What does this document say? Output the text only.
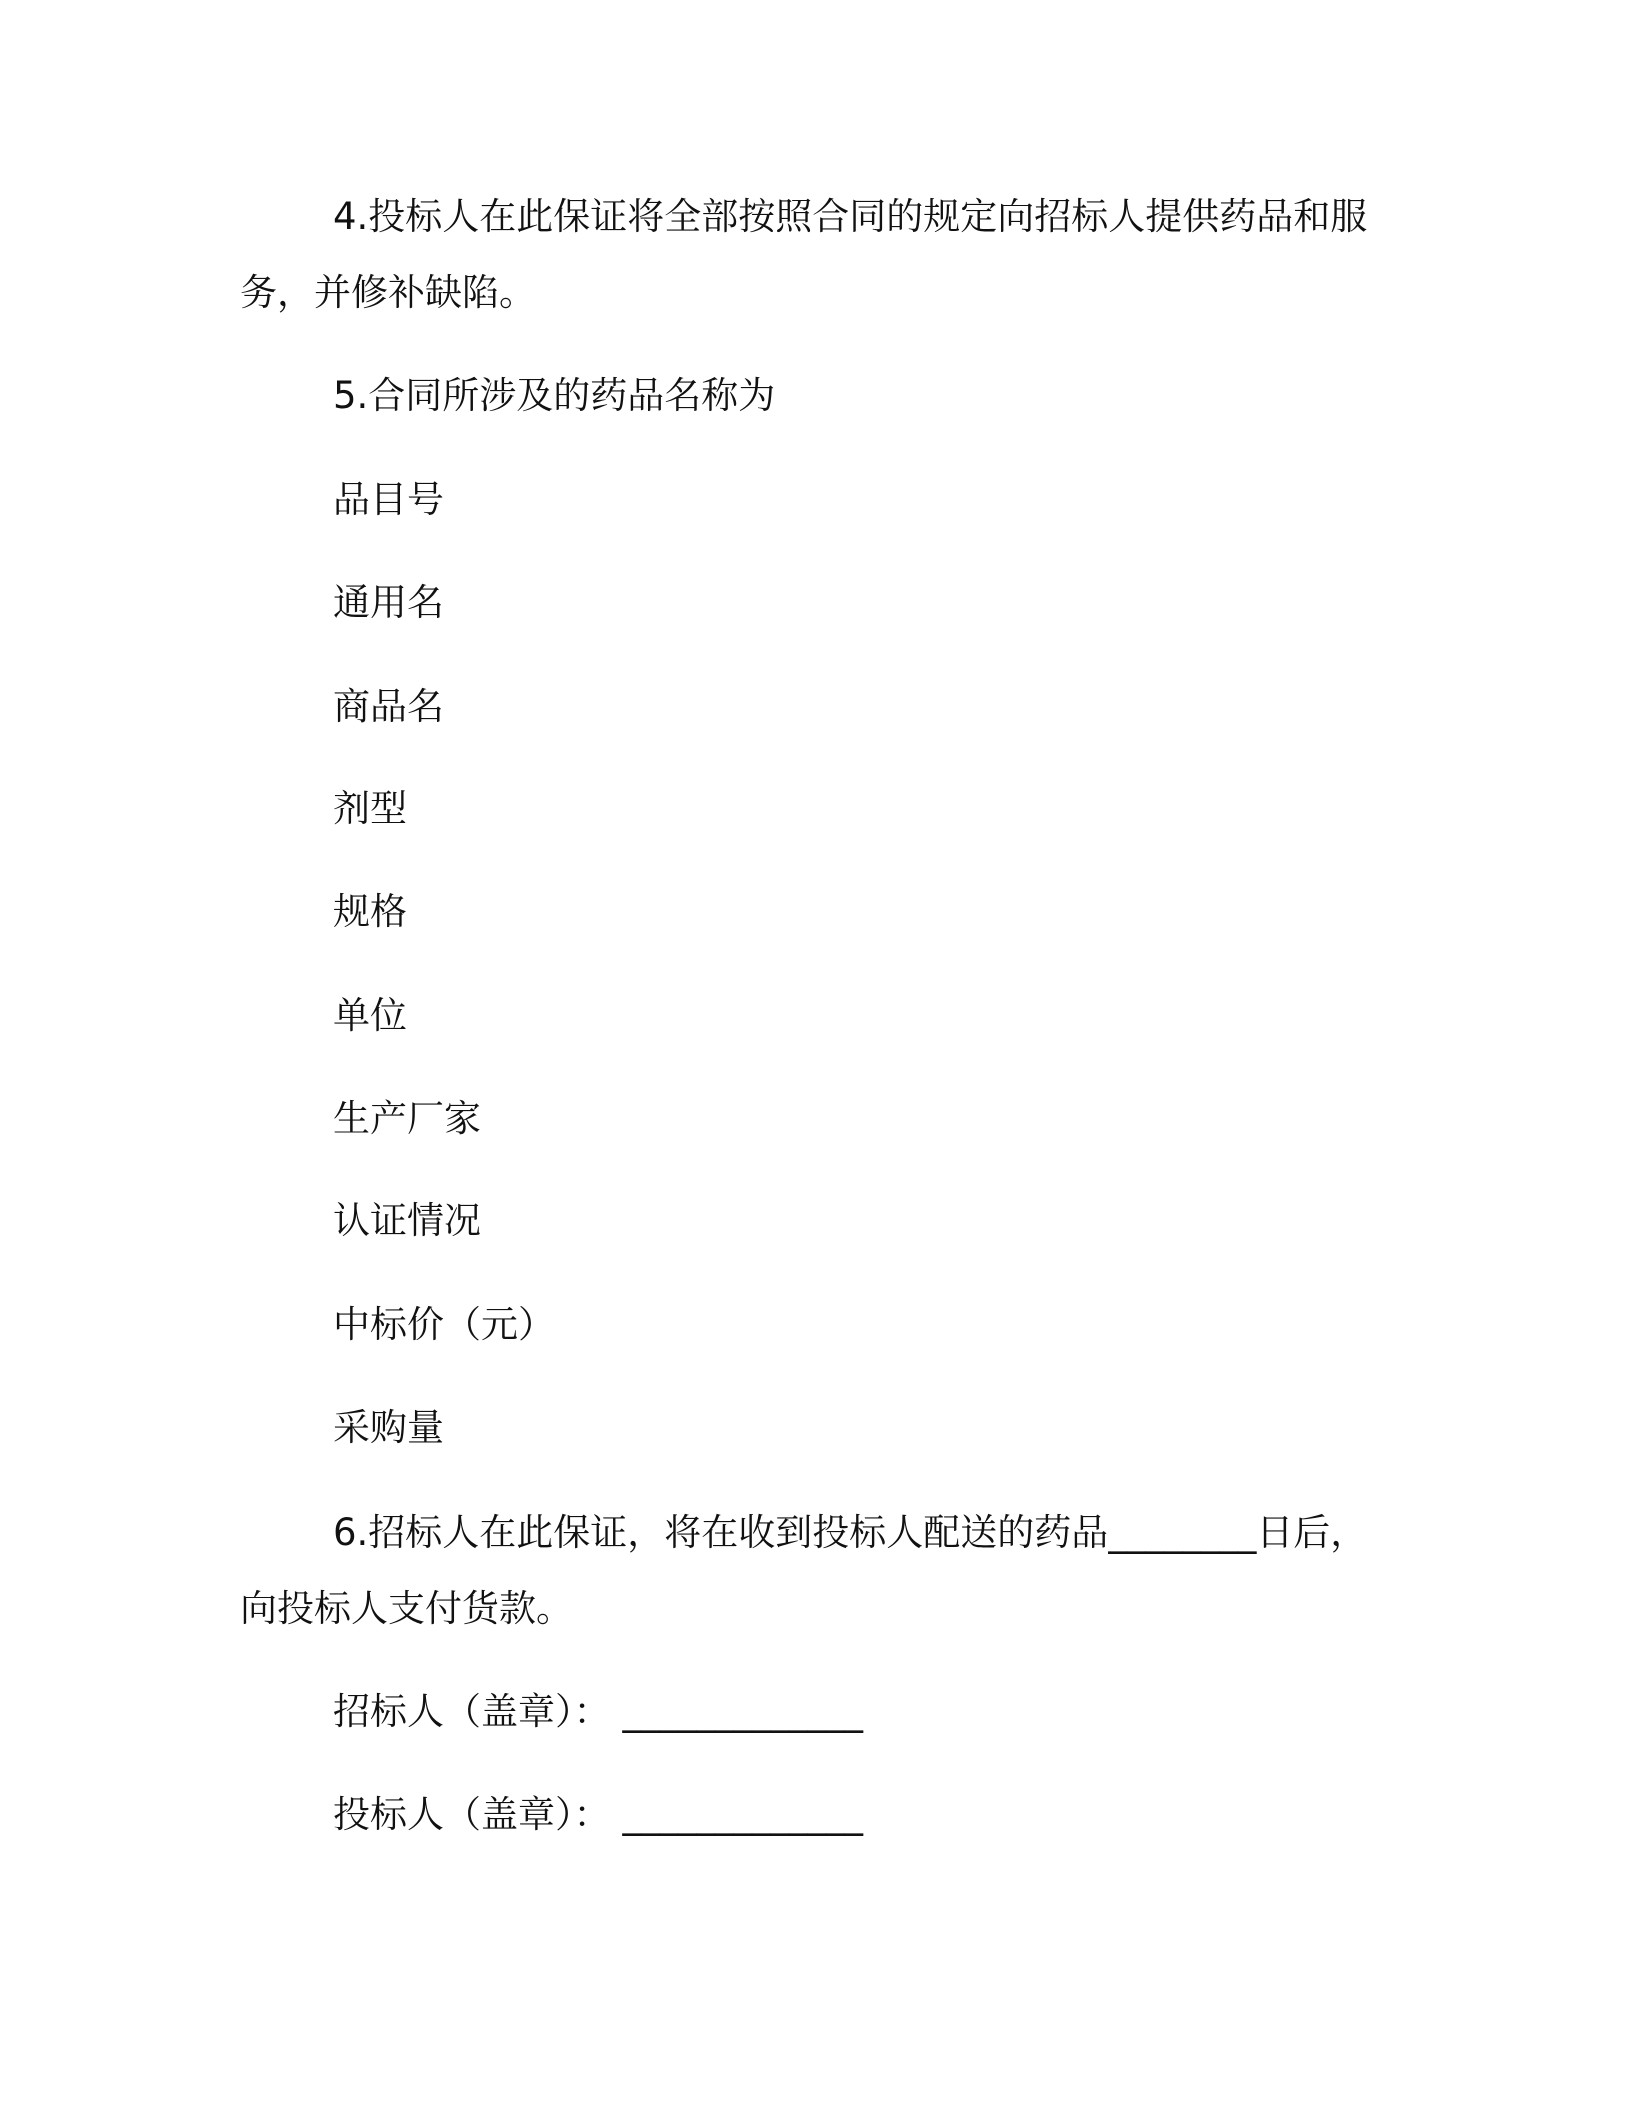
4.投标人在此保证将全部按照合同的规定向招标人提供药品和服
务，并修补缺陷。
5.合同所涉及的药品名称为
品目号
通用名
商品名
剂型
规格
单位
生产厂家
认证情况
中标价（元）
采购量
6.招标人在此保证，将在收到投标人配送的药品________日后，
向投标人支付货款。
招标人（盖章）： _____________
投标人（盖章）： _____________
